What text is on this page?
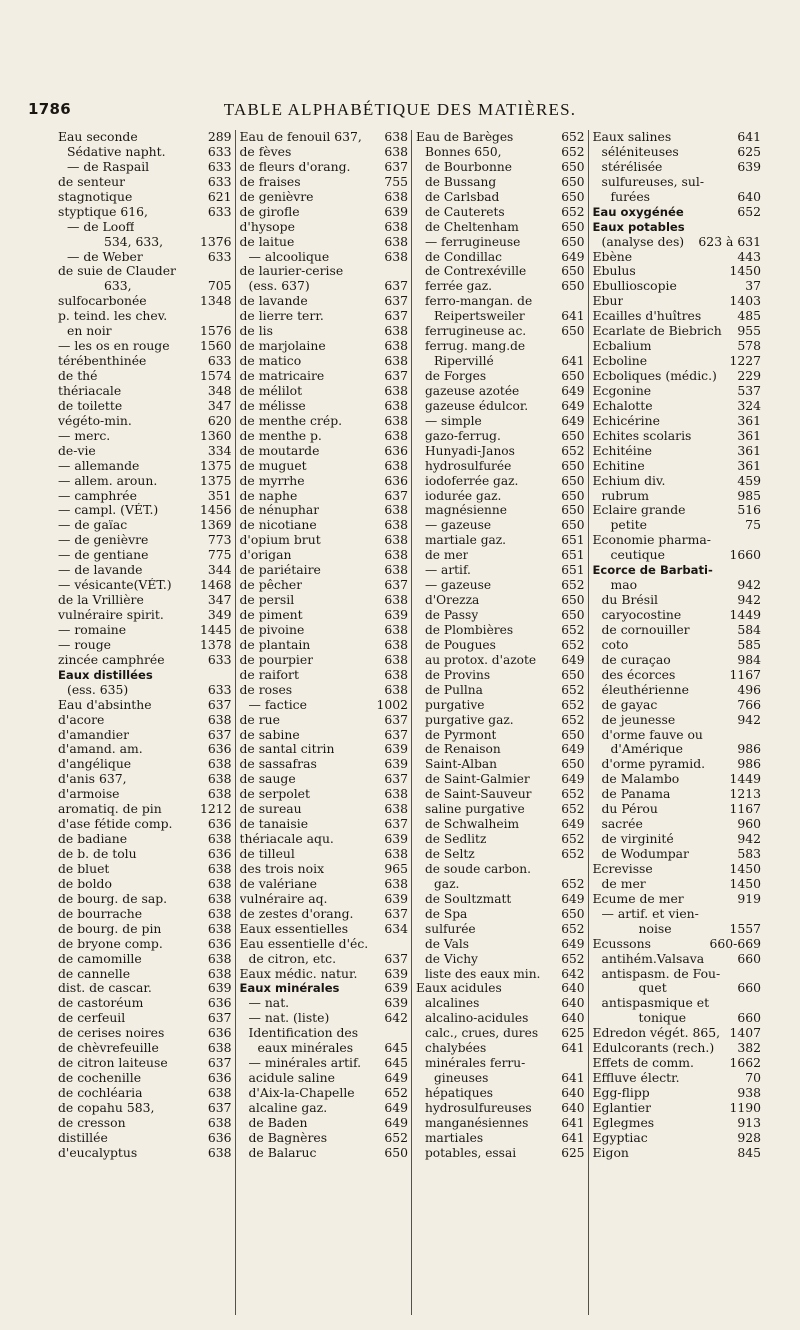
1786	TABLE ALPHABÉTIQUE DES MATIÈRES.
Eau seconde	289
Sédative napht.	633
— de Raspail	633
de senteur	633
stagnotique	621
styptique 616,	633
— de Looff
534, 633,	1376
— de Weber	633
de suie de Clauder
633,	705
sulfocarbonée	1348
p. teind. les chev.
en noir	1576
— les os en rouge 1560
térébenthinée	633
de thé	1574
thériacale	348
de toilette	347
végéto-min.	620
— merc.	1360
de-vie	334
— allemande	1375
— allem. aroun.	1375
— camphrée	351
— campl. (VÉT.)	1456
— de gaïac	1369
— de genièvre	773
— de gentiane	775
— de lavande	344
— vésicante(VÉT.) 1468
de la Vrillière	347
vulnéraire spirit.	349
— romaine	1445
— rouge	1378
zincée camphrée	633
Eaux distillées
(ess. 635)	633
Eau d'absinthe	637
d'acore	638
d'amandier	637
d'amand. am.	636
d'angélique	638
d'anis 637,	638
d'armoise	638
aromatiq. de pin	1212
d'ase fétide comp.	636
de badiane	638
de b. de tolu	636
de bluet	638
de boldo	638
de bourg. de sap.	638
de bourrache	638
de bourg. de pin	638
de bryone comp.	636
de camomille	638
de cannelle	638
dist. de cascar.	639
de castoréum	636
de cerfeuil	637
de cerises noires	636
de chèvrefeuille	638
de citron laiteuse	637
de cochenille	636
de cochléaria	638
de copahu 583,	637
de cresson	638
distillée	636
d'eucalyptus	638
Eau de fenouil 637, 638
de fèves	638
de fleurs d'orang.	637
de fraises	755
de genièvre	638
de girofle	639
d'hysope	638
de laitue	638
— alcoolique	638
de laurier-cerise
(ess. 637)	637
de lavande	637
de lierre terr.	637
de lis	638
de marjolaine	638
de matico	638
de matricaire	637
de mélilot	638
de mélisse	638
de menthe crép.	638
de menthe p.	638
de moutarde	636
de muguet	638
de myrrhe	636
de naphe	637
de nénuphar	638
de nicotiane	638
d'opium brut	638
d'origan	638
de pariétaire	638
de pêcher	637
de persil	638
de piment	639
de pivoine	638
de plantain	638
de pourpier	638
de raifort	638
de roses	638
— factice	1002
de rue	637
de sabine	637
de santal citrin	639
de sassafras	639
de sauge	637
de serpolet	638
de sureau	638
de tanaisie	637
thériacale aqu.	639
de tilleul	638
des trois noix	965
de valériane	638
vulnéraire aq.	639
de zestes d'orang. 637
Eaux essentielles	634
Eau essentielle d'éc.
de citron, etc.	637
Eaux médic. natur. 639
Eaux minérales	639
— nat.	639
— nat. (liste)	642
Identification des
eaux minérales	645
— minérales artif. 645
acidule saline	649
d'Aix-la-Chapelle 652
alcaline gaz.	649
de Baden	649
de Bagnères	652
de Balaruc	650
Eau de Barèges	652
Bonnes 650,	652
de Bourbonne	650
de Bussang	650
de Carlsbad	650
de Cauterets	652
de Cheltenham	650
— ferrugineuse	650
de Condillac	649
de Contrexéville	650
ferrée gaz.	650
ferro-mangan. de
Reipertsweiler	641
ferrugineuse ac.	650
ferrug. mang.de
Ripervillé	641
de Forges	650
gazeuse azotée	649
gazeuse édulcor.	649
— simple	649
gazo-ferrug.	650
Hunyadi-Janos	652
hydrosulfurée	650
iodoferrée gaz.	650
iodurée gaz.	650
magnésienne	650
— gazeuse	650
martiale gaz.	651
de mer	651
— artif.	651
— gazeuse	652
d'Orezza	650
de Passy	650
de Plombières	652
de Pougues	652
au protox. d'azote 649
de Provins	650
de Pullna	652
purgative	652
purgative gaz.	652
de Pyrmont	650
de Renaison	649
Saint-Alban	650
de Saint-Galmier	649
de Saint-Sauveur 652
saline purgative	652
de Schwalheim	649
de Sedlitz	652
de Seltz	652
de soude carbon.
gaz.	652
de Soultzmatt	649
de Spa	650
sulfurée	652
de Vals	649
de Vichy	652
liste des eaux min. 642
Eaux acidules	640
alcalines	640
alcalino-acidules	640
calc., crues, dures 625
chalybées	641
minérales ferru-
gineuses	641
hépatiques	640
hydrosulfureuses 640
manganésiennes	641
martiales	641
potables, essai	625
Eaux salines	641
séléniteuses	625
stérélisée	639
sulfureuses, sul-
furées	640
Eau oxygénée	652
Eaux potables
(analyse des) 623 à 631
Ebène	443
Ebulus	1450
Ebullioscopie	37
Ebur	1403
Ecailles d'huîtres	485
Ecarlate de Biebrich 955
Ecbalium	578
Ecboline	1227
Ecboliques (médic.) 229
Ecgonine	537
Echalotte	324
Echicérine	361
Echites scolaris	361
Echitéine	361
Echitine	361
Echium div.	459
rubrum	985
Eclaire grande	516
petite	75
Economie pharma-
ceutique	1660
Ecorce de Barbati-
mao	942
du Brésil	942
caryocostine	1449
de cornouiller	584
coto	585
de curaçao	984
des écorces	1167
éleuthérienne	496
de gayac	766
de jeunesse	942
d'orme fauve ou
d'Amérique	986
d'orme pyramid.	986
de Malambo	1449
de Panama	1213
du Pérou	1167
sacrée	960
de virginité	942
de Wodumpar	583
Ecrevisse	1450
de mer	1450
Ecume de mer	919
— artif. et vien-
noise	1557
Ecussons	660-669
antihém.Valsava	660
antispasm. de Fou-
quet	660
antispasmique et
tonique	660
Edredon végét. 865, 1407
Edulcorants (rech.) 382
Effets de comm.	1662
Effluve électr.	70
Egg-flipp	938
Eglantier	1190
Eglegmes	913
Egyptiac	928
Eigon	845
